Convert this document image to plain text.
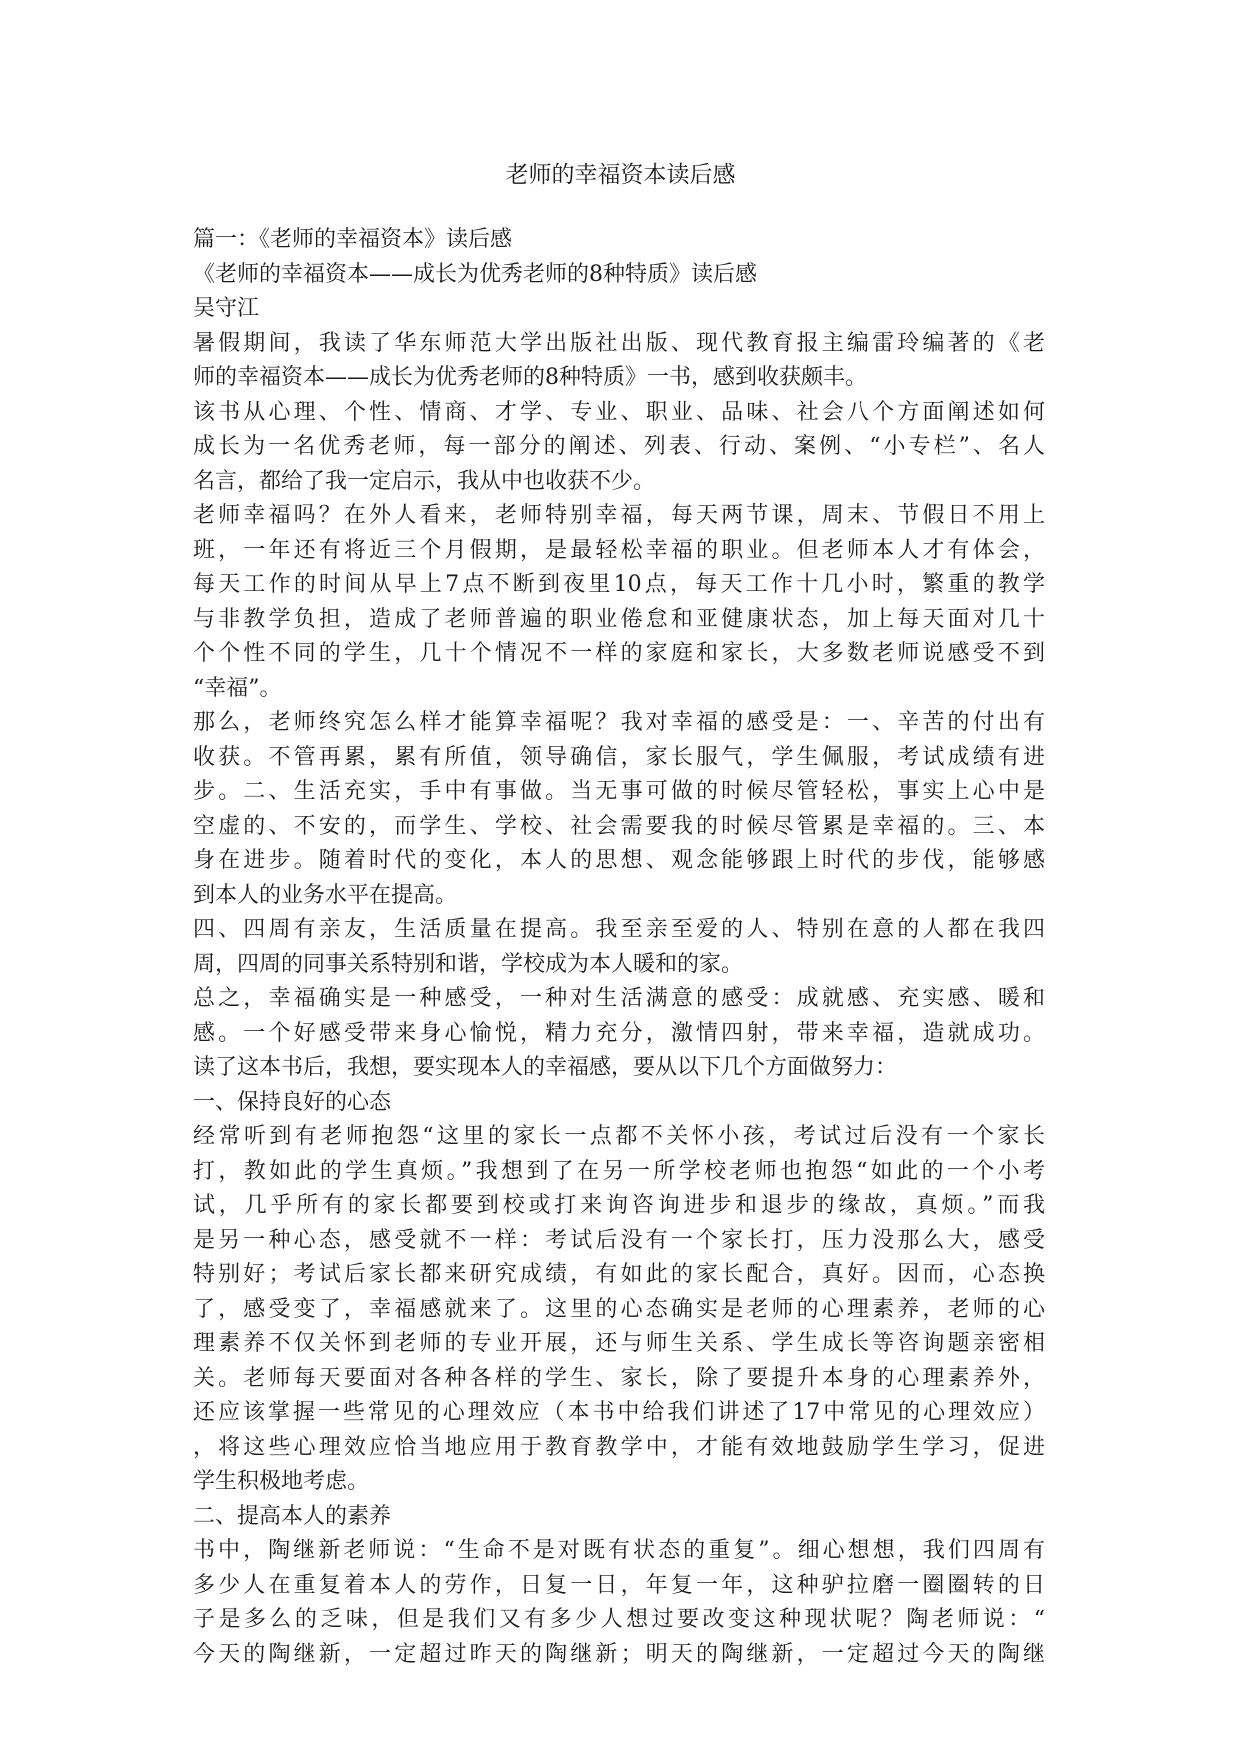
老师的幸福资本读后感
篇一：《老师的幸福资本》读后感
《老师的幸福资本——成长为优秀老师的8种特质》读后感
吴守江
暑假期间，我读了华东师范大学出版社出版、现代教育报主编雷玲编著的《老
师的幸福资本——成长为优秀老师的8种特质》一书，感到收获颇丰。
该书从心理、个性、情商、才学、专业、职业、品味、社会八个方面阐述如何
成长为一名优秀老师，每一部分的阐述、列表、行动、案例、“小专栏”、名人
名言，都给了我一定启示，我从中也收获不少。
老师幸福吗？在外人看来，老师特别幸福，每天两节课，周末、节假日不用上
班，一年还有将近三个月假期，是最轻松幸福的职业。但老师本人才有体会，
每天工作的时间从早上7点不断到夜里10点，每天工作十几小时，繁重的教学
与非教学负担，造成了老师普遍的职业倦怠和亚健康状态，加上每天面对几十
个个性不同的学生，几十个情况不一样的家庭和家长，大多数老师说感受不到
“幸福”。
那么，老师终究怎么样才能算幸福呢？我对幸福的感受是：一、辛苦的付出有
收获。不管再累，累有所值，领导确信，家长服气，学生佩服，考试成绩有进
步。二、生活充实，手中有事做。当无事可做的时候尽管轻松，事实上心中是
空虚的、不安的，而学生、学校、社会需要我的时候尽管累是幸福的。三、本
身在进步。随着时代的变化，本人的思想、观念能够跟上时代的步伐，能够感
到本人的业务水平在提高。
四、四周有亲友，生活质量在提高。我至亲至爱的人、特别在意的人都在我四
周，四周的同事关系特别和谐，学校成为本人暖和的家。
总之，幸福确实是一种感受，一种对生活满意的感受：成就感、充实感、暖和
感。一个好感受带来身心愉悦，精力充分，激情四射，带来幸福，造就成功。
读了这本书后，我想，要实现本人的幸福感，要从以下几个方面做努力：
一、保持良好的心态
经常听到有老师抱怨“这里的家长一点都不关怀小孩，考试过后没有一个家长
打，教如此的学生真烦。”我想到了在另一所学校老师也抱怨“如此的一个小考
试，几乎所有的家长都要到校或打来询咨询进步和退步的缘故，真烦。”而我
是另一种心态，感受就不一样：考试后没有一个家长打，压力没那么大，感受
特别好；考试后家长都来研究成绩，有如此的家长配合，真好。因而，心态换
了，感受变了，幸福感就来了。这里的心态确实是老师的心理素养，老师的心
理素养不仅关怀到老师的专业开展，还与师生关系、学生成长等咨询题亲密相
关。老师每天要面对各种各样的学生、家长，除了要提升本身的心理素养外，
还应该掌握一些常见的心理效应（本书中给我们讲述了17中常见的心理效应）
，将这些心理效应恰当地应用于教育教学中，才能有效地鼓励学生学习，促进
学生积极地考虑。
二、提高本人的素养
书中，陶继新老师说：“生命不是对既有状态的重复”。细心想想，我们四周有
多少人在重复着本人的劳作，日复一日，年复一年，这种驴拉磨一圈圈转的日
子是多么的乏味，但是我们又有多少人想过要改变这种现状呢？陶老师说：“
今天的陶继新，一定超过昨天的陶继新；明天的陶继新，一定超过今天的陶继
